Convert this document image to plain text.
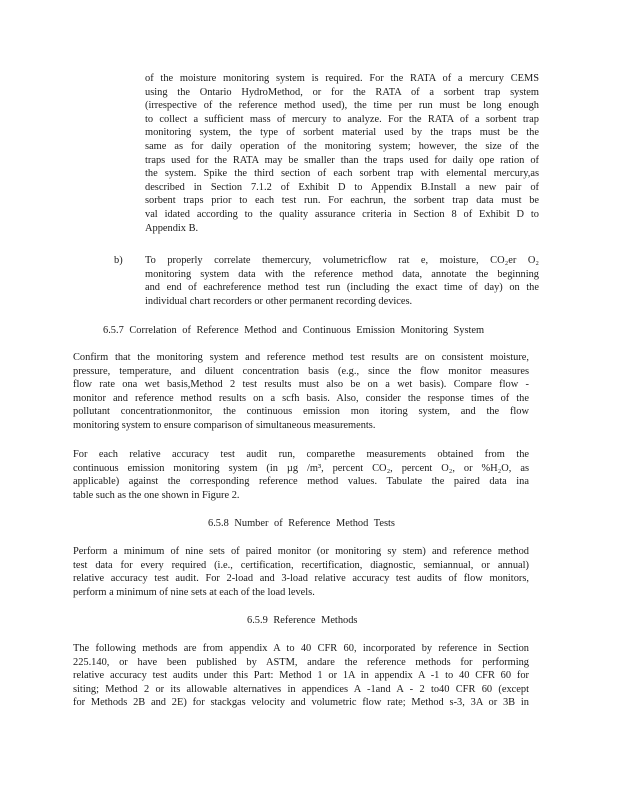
of the moisture monitoring system is required. For the RATA of a mercury CEMS
using the Ontario HydroMethod, or for the RATA of a sorbent trap system
(irrespective of the reference method used), the time per run must be long enough
to collect a sufficient mass of mercury to analyze. For the RATA of a sorbent trap
monitoring system, the type of sorbent material used by the traps must be the
same as for daily operation of the monitoring system; however, the size of the
traps used for the RATA may be smaller than the traps used for daily ope ration of
the system. Spike the third section of each sorbent trap with elemental mercury,as
described in Section 7.1.2 of Exhibit D to Appendix B.Install a new pair of
sorbent traps prior to each test run. For eachrun, the sorbent trap data must be
val idated according to the quality assurance criteria in Section 8 of Exhibit D to
Appendix B.
b) To properly correlate themercury, volumetricflow rat e, moisture, CO₂er O₂
monitoring system data with the reference method data, annotate the beginning
and end of eachreference method test run (including the exact time of day) on the
individual chart recorders or other permanent recording devices.
6.5.7 Correlation of Reference Method and Continuous Emission Monitoring System
Confirm that the monitoring system and reference method test results are on consistent moisture,
pressure, temperature, and diluent concentration basis (e.g., since the flow monitor measures
flow rate ona wet basis,Method 2 test results must also be on a wet basis). Compare flow -
monitor and reference method results on a scfh basis. Also, consider the response times of the
pollutant concentrationmonitor, the continuous emission mon itoring system, and the flow
monitoring system to ensure comparison of simultaneous measurements.
For each relative accuracy test audit run, comparethe measurements obtained from the
continuous emission monitoring system (in µg /m³, percent CO₂, percent O₂, or %H₂O, as
applicable) against the corresponding reference method values. Tabulate the paired data ina
table such as the one shown in Figure 2.
6.5.8 Number of Reference Method Tests
Perform a minimum of nine sets of paired monitor (or monitoring sy stem) and reference method
test data for every required (i.e., certification, recertification, diagnostic, semiannual, or annual)
relative accuracy test audit. For 2-load and 3-load relative accuracy test audits of flow monitors,
perform a minimum of nine sets at each of the load levels.
6.5.9 Reference Methods
The following methods are from appendix A to 40 CFR 60, incorporated by reference in Section
225.140, or have been published by ASTM, andare the reference methods for performing
relative accuracy test audits under this Part: Method 1 or 1A in appendix A -1 to 40 CFR 60 for
siting; Method 2 or its allowable alternatives in appendices A -1and A - 2 to40 CFR 60 (except
for Methods 2B and 2E) for stackgas velocity and volumetric flow rate; Method s-3, 3A or 3B in
